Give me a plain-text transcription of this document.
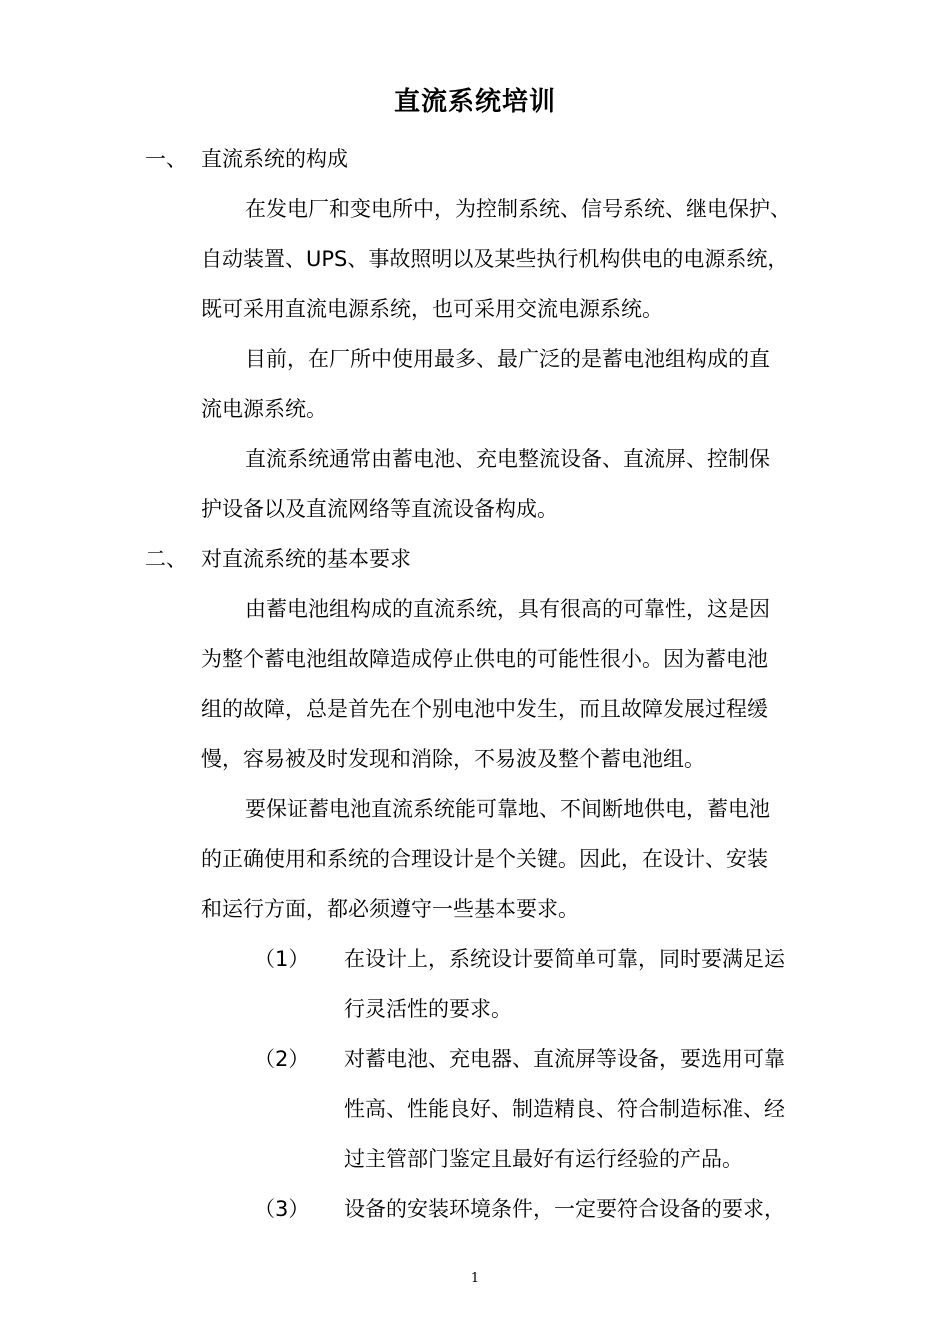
直流系统培训
一、 直流系统的构成
在发电厂和变电所中，为控制系统、信号系统、继电保护、
自动装置、UPS、事故照明以及某些执行机构供电的电源系统，
既可采用直流电源系统，也可采用交流电源系统。
目前，在厂所中使用最多、最广泛的是蓄电池组构成的直
流电源系统。
直流系统通常由蓄电池、充电整流设备、直流屏、控制保
护设备以及直流网络等直流设备构成。
二、 对直流系统的基本要求
由蓄电池组构成的直流系统，具有很高的可靠性，这是因
为整个蓄电池组故障造成停止供电的可能性很小。因为蓄电池
组的故障，总是首先在个别电池中发生，而且故障发展过程缓
慢，容易被及时发现和消除，不易波及整个蓄电池组。
要保证蓄电池直流系统能可靠地、不间断地供电，蓄电池
的正确使用和系统的合理设计是个关键。因此，在设计、安装
和运行方面，都必须遵守一些基本要求。
（1） 在设计上，系统设计要简单可靠，同时要满足运
行灵活性的要求。
（2） 对蓄电池、充电器、直流屏等设备，要选用可靠
性高、性能良好、制造精良、符合制造标准、经
过主管部门鉴定且最好有运行经验的产品。
（3） 设备的安装环境条件，一定要符合设备的要求，
1
